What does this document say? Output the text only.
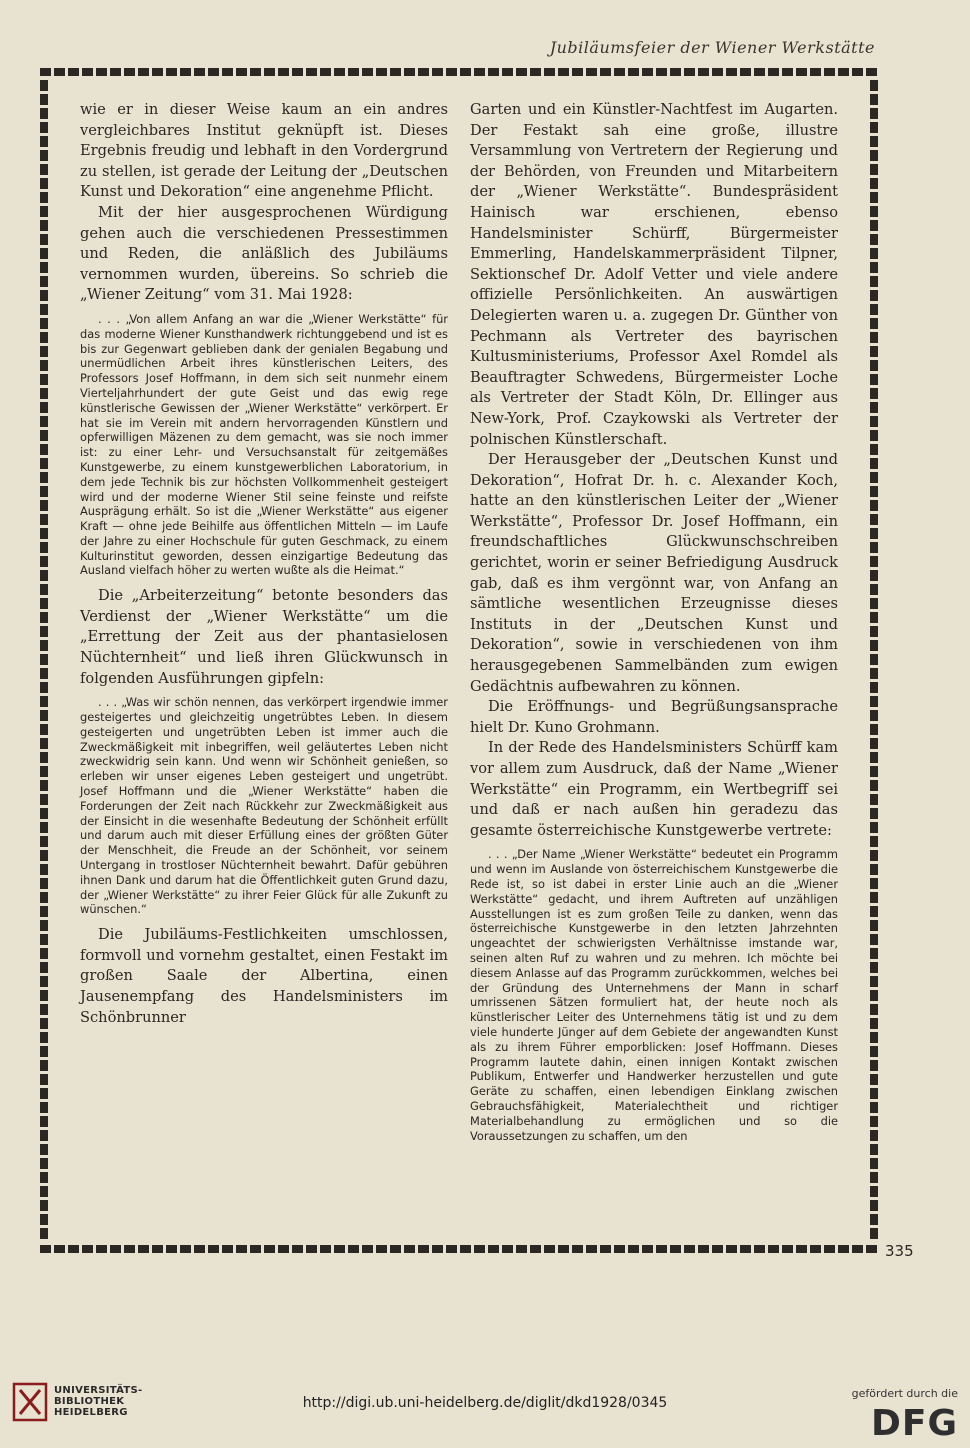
Jubiläumsfeier der Wiener Werkstätte

wie er in dieser Weise kaum an ein andres vergleichbares Institut geknüpft ist. Dieses Ergebnis freudig und lebhaft in den Vordergrund zu stellen, ist gerade der Leitung der „Deutschen Kunst und Dekoration“ eine angenehme Pflicht.

Mit der hier ausgesprochenen Würdigung gehen auch die verschiedenen Pressestimmen und Reden, die anläßlich des Jubiläums vernommen wurden, übereins. So schrieb die „Wiener Zeitung“ vom 31. Mai 1928:

. . . „Von allem Anfang an war die „Wiener Werkstätte“ für das moderne Wiener Kunsthandwerk richtunggebend und ist es bis zur Gegenwart geblieben dank der genialen Begabung und unermüdlichen Arbeit ihres künstlerischen Leiters, des Professors Josef Hoffmann, in dem sich seit nunmehr einem Vierteljahrhundert der gute Geist und das ewig rege künstlerische Gewissen der „Wiener Werkstätte“ verkörpert. Er hat sie im Verein mit andern hervorragenden Künstlern und opferwilligen Mäzenen zu dem gemacht, was sie noch immer ist: zu einer Lehr- und Versuchsanstalt für zeitgemäßes Kunstgewerbe, zu einem kunstgewerblichen Laboratorium, in dem jede Technik bis zur höchsten Vollkommenheit gesteigert wird und der moderne Wiener Stil seine feinste und reifste Ausprägung erhält. So ist die „Wiener Werkstätte“ aus eigener Kraft — ohne jede Beihilfe aus öffentlichen Mitteln — im Laufe der Jahre zu einer Hochschule für guten Geschmack, zu einem Kulturinstitut geworden, dessen einzigartige Bedeutung das Ausland vielfach höher zu werten wußte als die Heimat.“

Die „Arbeiterzeitung“ betonte besonders das Verdienst der „Wiener Werkstätte“ um die „Errettung der Zeit aus der phantasielosen Nüchternheit“ und ließ ihren Glückwunsch in folgenden Ausführungen gipfeln:

. . . „Was wir schön nennen, das verkörpert irgendwie immer gesteigertes und gleichzeitig ungetrübtes Leben. In diesem gesteigerten und ungetrübten Leben ist immer auch die Zweckmäßigkeit mit inbegriffen, weil geläutertes Leben nicht zweckwidrig sein kann. Und wenn wir Schönheit genießen, so erleben wir unser eigenes Leben gesteigert und ungetrübt. Josef Hoffmann und die „Wiener Werkstätte“ haben die Forderungen der Zeit nach Rückkehr zur Zweckmäßigkeit aus der Einsicht in die wesenhafte Bedeutung der Schönheit erfüllt und darum auch mit dieser Erfüllung eines der größten Güter der Menschheit, die Freude an der Schönheit, vor seinem Untergang in trostloser Nüchternheit bewahrt. Dafür gebühren ihnen Dank und darum hat die Öffentlichkeit guten Grund dazu, der „Wiener Werkstätte“ zu ihrer Feier Glück für alle Zukunft zu wünschen.“

Die Jubiläums-Festlichkeiten umschlossen, formvoll und vornehm gestaltet, einen Festakt im großen Saale der Albertina, einen Jausenempfang des Handelsministers im Schönbrunner

Garten und ein Künstler-Nachtfest im Augarten. Der Festakt sah eine große, illustre Versammlung von Vertretern der Regierung und der Behörden, von Freunden und Mitarbeitern der „Wiener Werkstätte“. Bundespräsident Hainisch war erschienen, ebenso Handelsminister Schürff, Bürgermeister Emmerling, Handelskammerpräsident Tilpner, Sektionschef Dr. Adolf Vetter und viele andere offizielle Persönlichkeiten. An auswärtigen Delegierten waren u. a. zugegen Dr. Günther von Pechmann als Vertreter des bayrischen Kultusministeriums, Professor Axel Romdel als Beauftragter Schwedens, Bürgermeister Loche als Vertreter der Stadt Köln, Dr. Ellinger aus New-York, Prof. Czaykowski als Vertreter der polnischen Künstlerschaft.

Der Herausgeber der „Deutschen Kunst und Dekoration“, Hofrat Dr. h. c. Alexander Koch, hatte an den künstlerischen Leiter der „Wiener Werkstätte“, Professor Dr. Josef Hoffmann, ein freundschaftliches Glückwunschschreiben gerichtet, worin er seiner Befriedigung Ausdruck gab, daß es ihm vergönnt war, von Anfang an sämtliche wesentlichen Erzeugnisse dieses Instituts in der „Deutschen Kunst und Dekoration“, sowie in verschiedenen von ihm herausgegebenen Sammelbänden zum ewigen Gedächtnis aufbewahren zu können.

Die Eröffnungs- und Begrüßungsansprache hielt Dr. Kuno Grohmann.

In der Rede des Handelsministers Schürff kam vor allem zum Ausdruck, daß der Name „Wiener Werkstätte“ ein Programm, ein Wertbegriff sei und daß er nach außen hin geradezu das gesamte österreichische Kunstgewerbe vertrete:

. . . „Der Name „Wiener Werkstätte“ bedeutet ein Programm und wenn im Auslande von österreichischem Kunstgewerbe die Rede ist, so ist dabei in erster Linie auch an die „Wiener Werkstätte“ gedacht, und ihrem Auftreten auf unzähligen Ausstellungen ist es zum großen Teile zu danken, wenn das österreichische Kunstgewerbe in den letzten Jahrzehnten ungeachtet der schwierigsten Verhältnisse imstande war, seinen alten Ruf zu wahren und zu mehren. Ich möchte bei diesem Anlasse auf das Programm zurückkommen, welches bei der Gründung des Unternehmens der Mann in scharf umrissenen Sätzen formuliert hat, der heute noch als künstlerischer Leiter des Unternehmens tätig ist und zu dem viele hunderte Jünger auf dem Gebiete der angewandten Kunst als zu ihrem Führer emporblicken: Josef Hoffmann. Dieses Programm lautete dahin, einen innigen Kontakt zwischen Publikum, Entwerfer und Handwerker herzustellen und gute Geräte zu schaffen, einen lebendigen Einklang zwischen Gebrauchsfähigkeit, Materialechtheit und richtiger Materialbehandlung zu ermöglichen und so die Voraussetzungen zu schaffen, um den

335
UNIVERSITÄTS-
BIBLIOTHEK
HEIDELBERG
http://digi.ub.uni-heidelberg.de/diglit/dkd1928/0345
gefördert durch die
DFG
